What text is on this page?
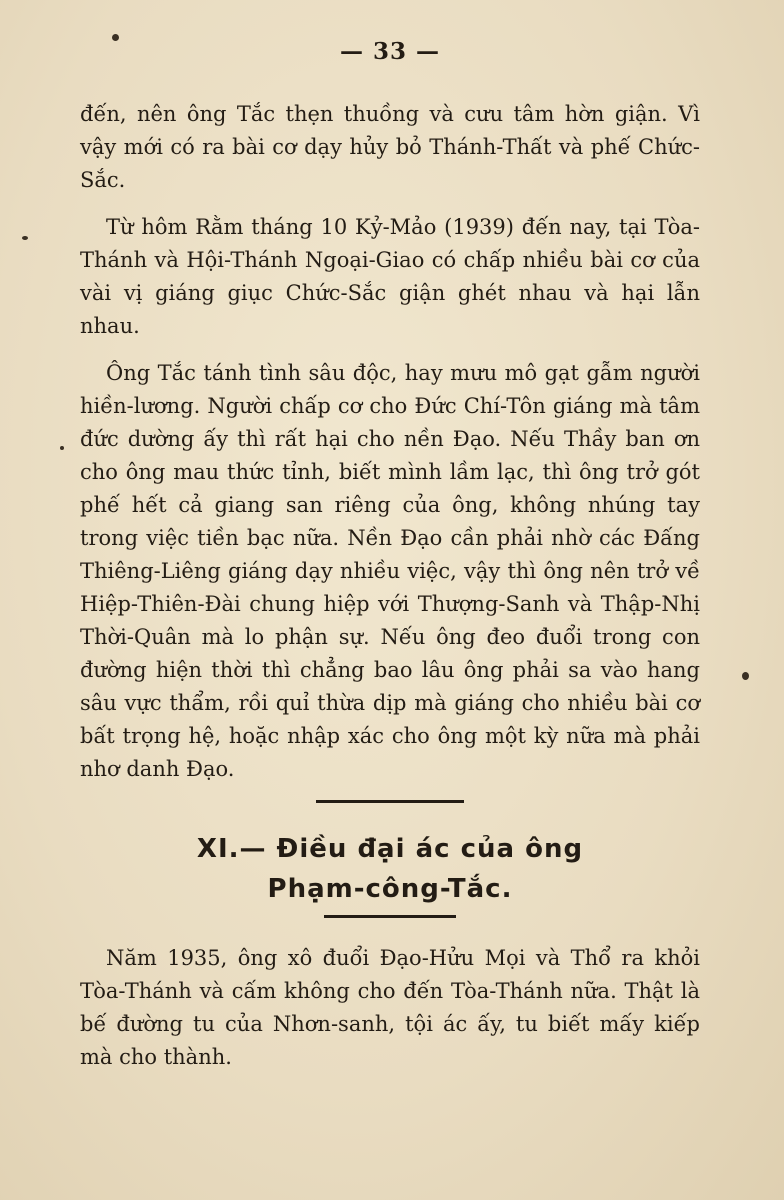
— 33 —

đến, nên ông Tắc thẹn thuồng và cưu tâm hờn giận. Vì vậy mới có ra bài cơ dạy hủy bỏ Thánh-Thất và phế Chức-Sắc.

Từ hôm Rằm tháng 10 Kỷ-Mảo (1939) đến nay, tại Tòa-Thánh và Hội-Thánh Ngoại-Giao có chấp nhiều bài cơ của vài vị giáng giục Chức-Sắc giận ghét nhau và hại lẫn nhau.

Ông Tắc tánh tình sâu độc, hay mưu mô gạt gẫm người hiền-lương. Người chấp cơ cho Đức Chí-Tôn giáng mà tâm đức dường ấy thì rất hại cho nền Đạo. Nếu Thầy ban ơn cho ông mau thức tỉnh, biết mình lầm lạc, thì ông trở gót phế hết cả giang san riêng của ông, không nhúng tay trong việc tiền bạc nữa. Nền Đạo cần phải nhờ các Đấng Thiêng-Liêng giáng dạy nhiều việc, vậy thì ông nên trở về Hiệp-Thiên-Đài chung hiệp với Thượng-Sanh và Thập-Nhị Thời-Quân mà lo phận sự. Nếu ông đeo đuổi trong con đường hiện thời thì chẳng bao lâu ông phải sa vào hang sâu vực thẩm, rồi quỉ thừa dịp mà giáng cho nhiều bài cơ bất trọng hệ, hoặc nhập xác cho ông một kỳ nữa mà phải nhơ danh Đạo.

XI.— Điều đại ác của ông
Phạm-công-Tắc.

Năm 1935, ông xô đuổi Đạo-Hửu Mọi và Thổ ra khỏi Tòa-Thánh và cấm không cho đến Tòa-Thánh nữa. Thật là bế đường tu của Nhơn-sanh, tội ác ấy, tu biết mấy kiếp mà cho thành.
